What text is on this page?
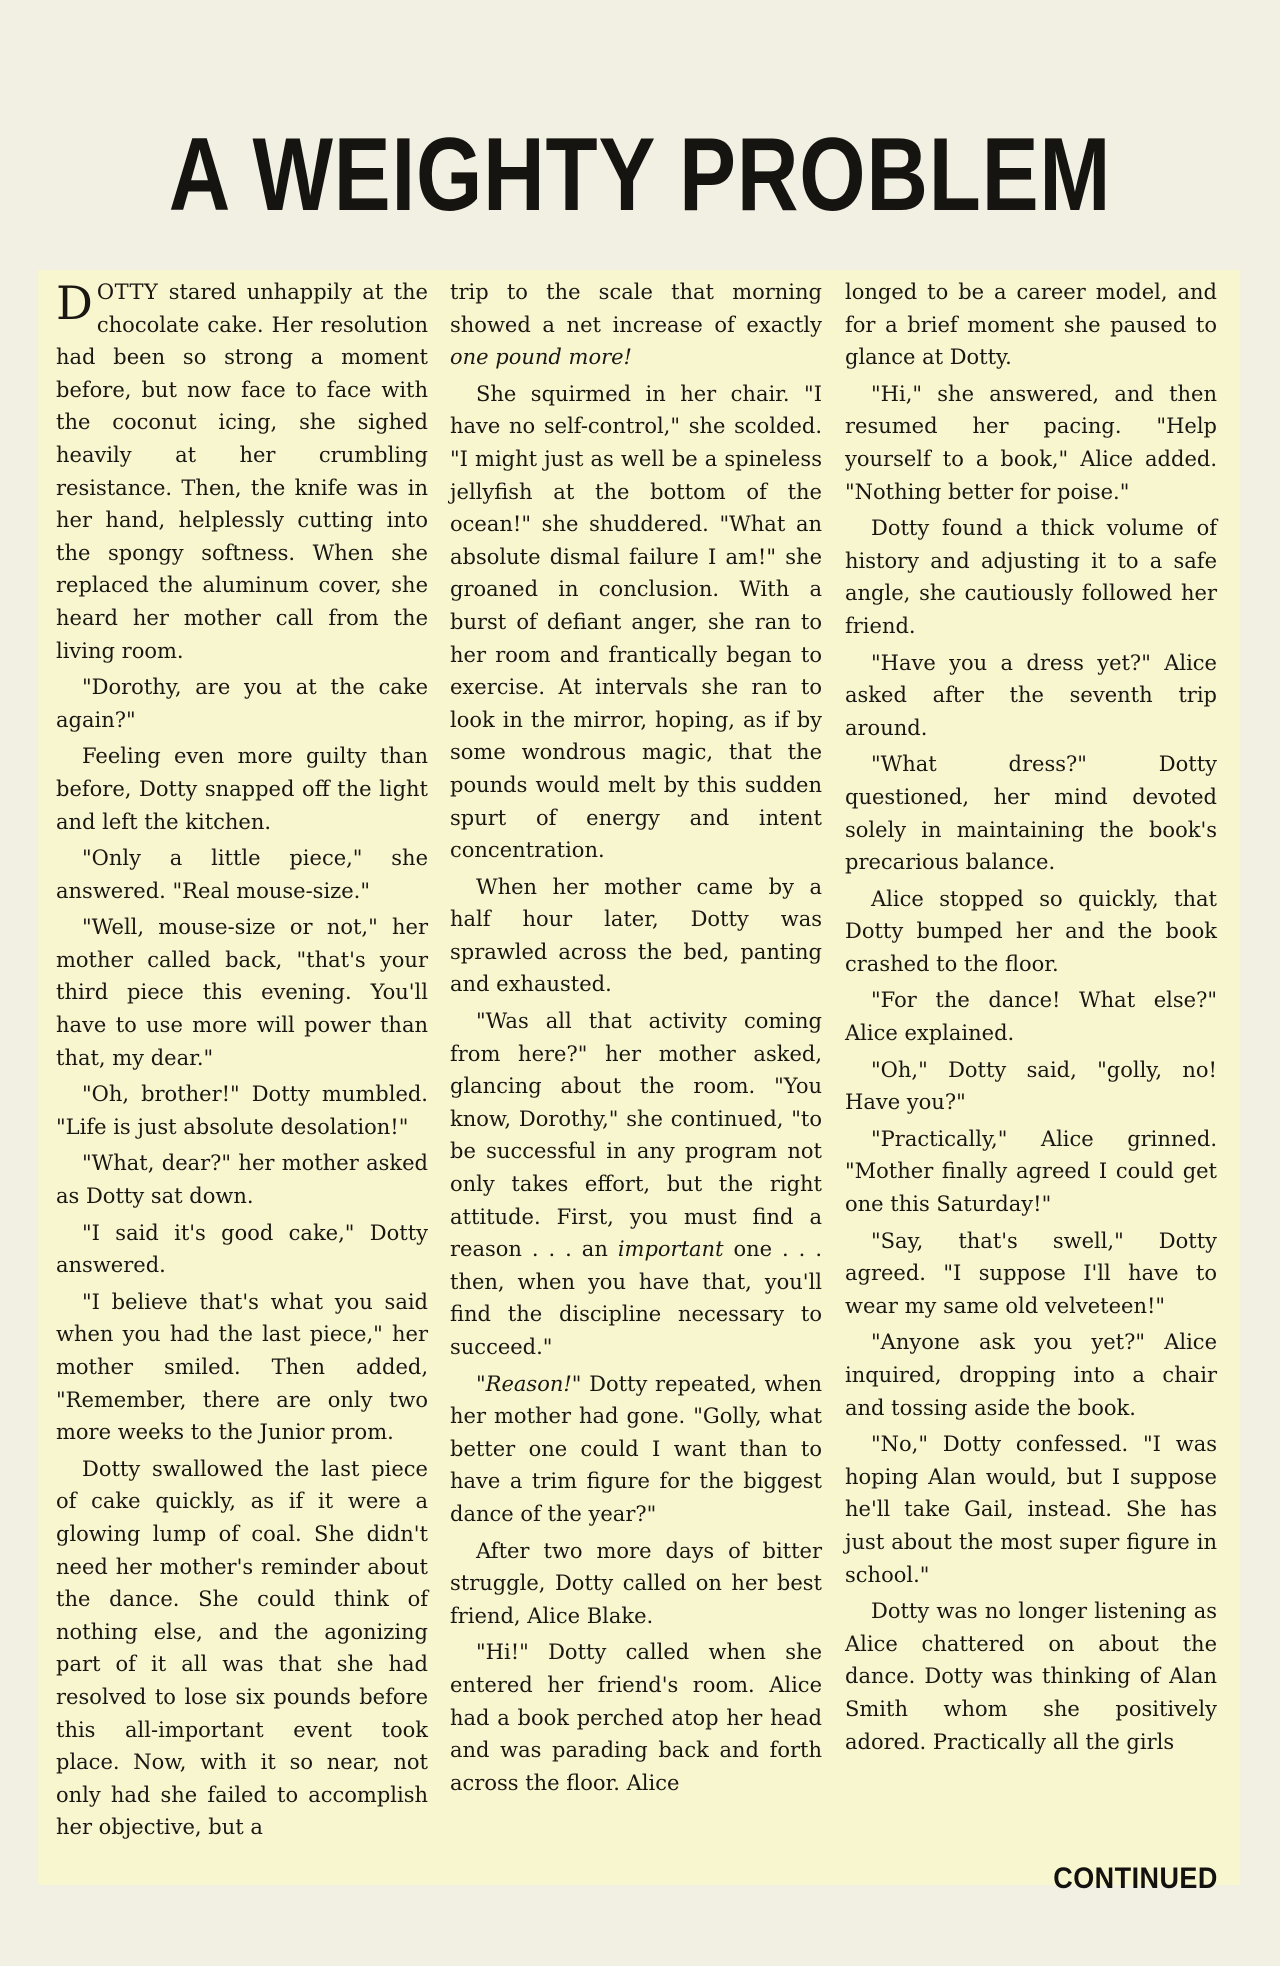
A WEIGHTY PROBLEM

DOTTY stared unhappily at the chocolate cake. Her resolution had been so strong a moment before, but now face to face with the coconut icing, she sighed heavily at her crumbling resistance. Then, the knife was in her hand, helplessly cutting into the spongy softness. When she replaced the aluminum cover, she heard her mother call from the living room.

"Dorothy, are you at the cake again?"

Feeling even more guilty than before, Dotty snapped off the light and left the kitchen.

"Only a little piece," she answered. "Real mouse-size."

"Well, mouse-size or not," her mother called back, "that's your third piece this evening. You'll have to use more will power than that, my dear."

"Oh, brother!" Dotty mumbled. "Life is just absolute desolation!"

"What, dear?" her mother asked as Dotty sat down.

"I said it's good cake," Dotty answered.

"I believe that's what you said when you had the last piece," her mother smiled. Then added, "Remember, there are only two more weeks to the Junior prom.

Dotty swallowed the last piece of cake quickly, as if it were a glowing lump of coal. She didn't need her mother's reminder about the dance. She could think of nothing else, and the agonizing part of it all was that she had resolved to lose six pounds before this all-important event took place. Now, with it so near, not only had she failed to accomplish her objective, but a

trip to the scale that morning showed a net increase of exactly one pound more!

She squirmed in her chair. "I have no self-control," she scolded. "I might just as well be a spineless jellyfish at the bottom of the ocean!" she shuddered. "What an absolute dismal failure I am!" she groaned in conclusion. With a burst of defiant anger, she ran to her room and frantically began to exercise. At intervals she ran to look in the mirror, hoping, as if by some wondrous magic, that the pounds would melt by this sudden spurt of energy and intent concentration.

When her mother came by a half hour later, Dotty was sprawled across the bed, panting and exhausted.

"Was all that activity coming from here?" her mother asked, glancing about the room. "You know, Dorothy," she continued, "to be successful in any program not only takes effort, but the right attitude. First, you must find a reason . . . an important one . . . then, when you have that, you'll find the discipline necessary to succeed."

"Reason!" Dotty repeated, when her mother had gone. "Golly, what better one could I want than to have a trim figure for the biggest dance of the year?"

After two more days of bitter struggle, Dotty called on her best friend, Alice Blake.

"Hi!" Dotty called when she entered her friend's room. Alice had a book perched atop her head and was parading back and forth across the floor. Alice

longed to be a career model, and for a brief moment she paused to glance at Dotty.

"Hi," she answered, and then resumed her pacing. "Help yourself to a book," Alice added. "Nothing better for poise."

Dotty found a thick volume of history and adjusting it to a safe angle, she cautiously followed her friend.

"Have you a dress yet?" Alice asked after the seventh trip around.

"What dress?" Dotty questioned, her mind devoted solely in maintaining the book's precarious balance.

Alice stopped so quickly, that Dotty bumped her and the book crashed to the floor.

"For the dance! What else?" Alice explained.

"Oh," Dotty said, "golly, no! Have you?"

"Practically," Alice grinned. "Mother finally agreed I could get one this Saturday!"

"Say, that's swell," Dotty agreed. "I suppose I'll have to wear my same old velveteen!"

"Anyone ask you yet?" Alice inquired, dropping into a chair and tossing aside the book.

"No," Dotty confessed. "I was hoping Alan would, but I suppose he'll take Gail, instead. She has just about the most super figure in school."

Dotty was no longer listening as Alice chattered on about the dance. Dotty was thinking of Alan Smith whom she positively adored. Practically all the girls

CONTINUED
